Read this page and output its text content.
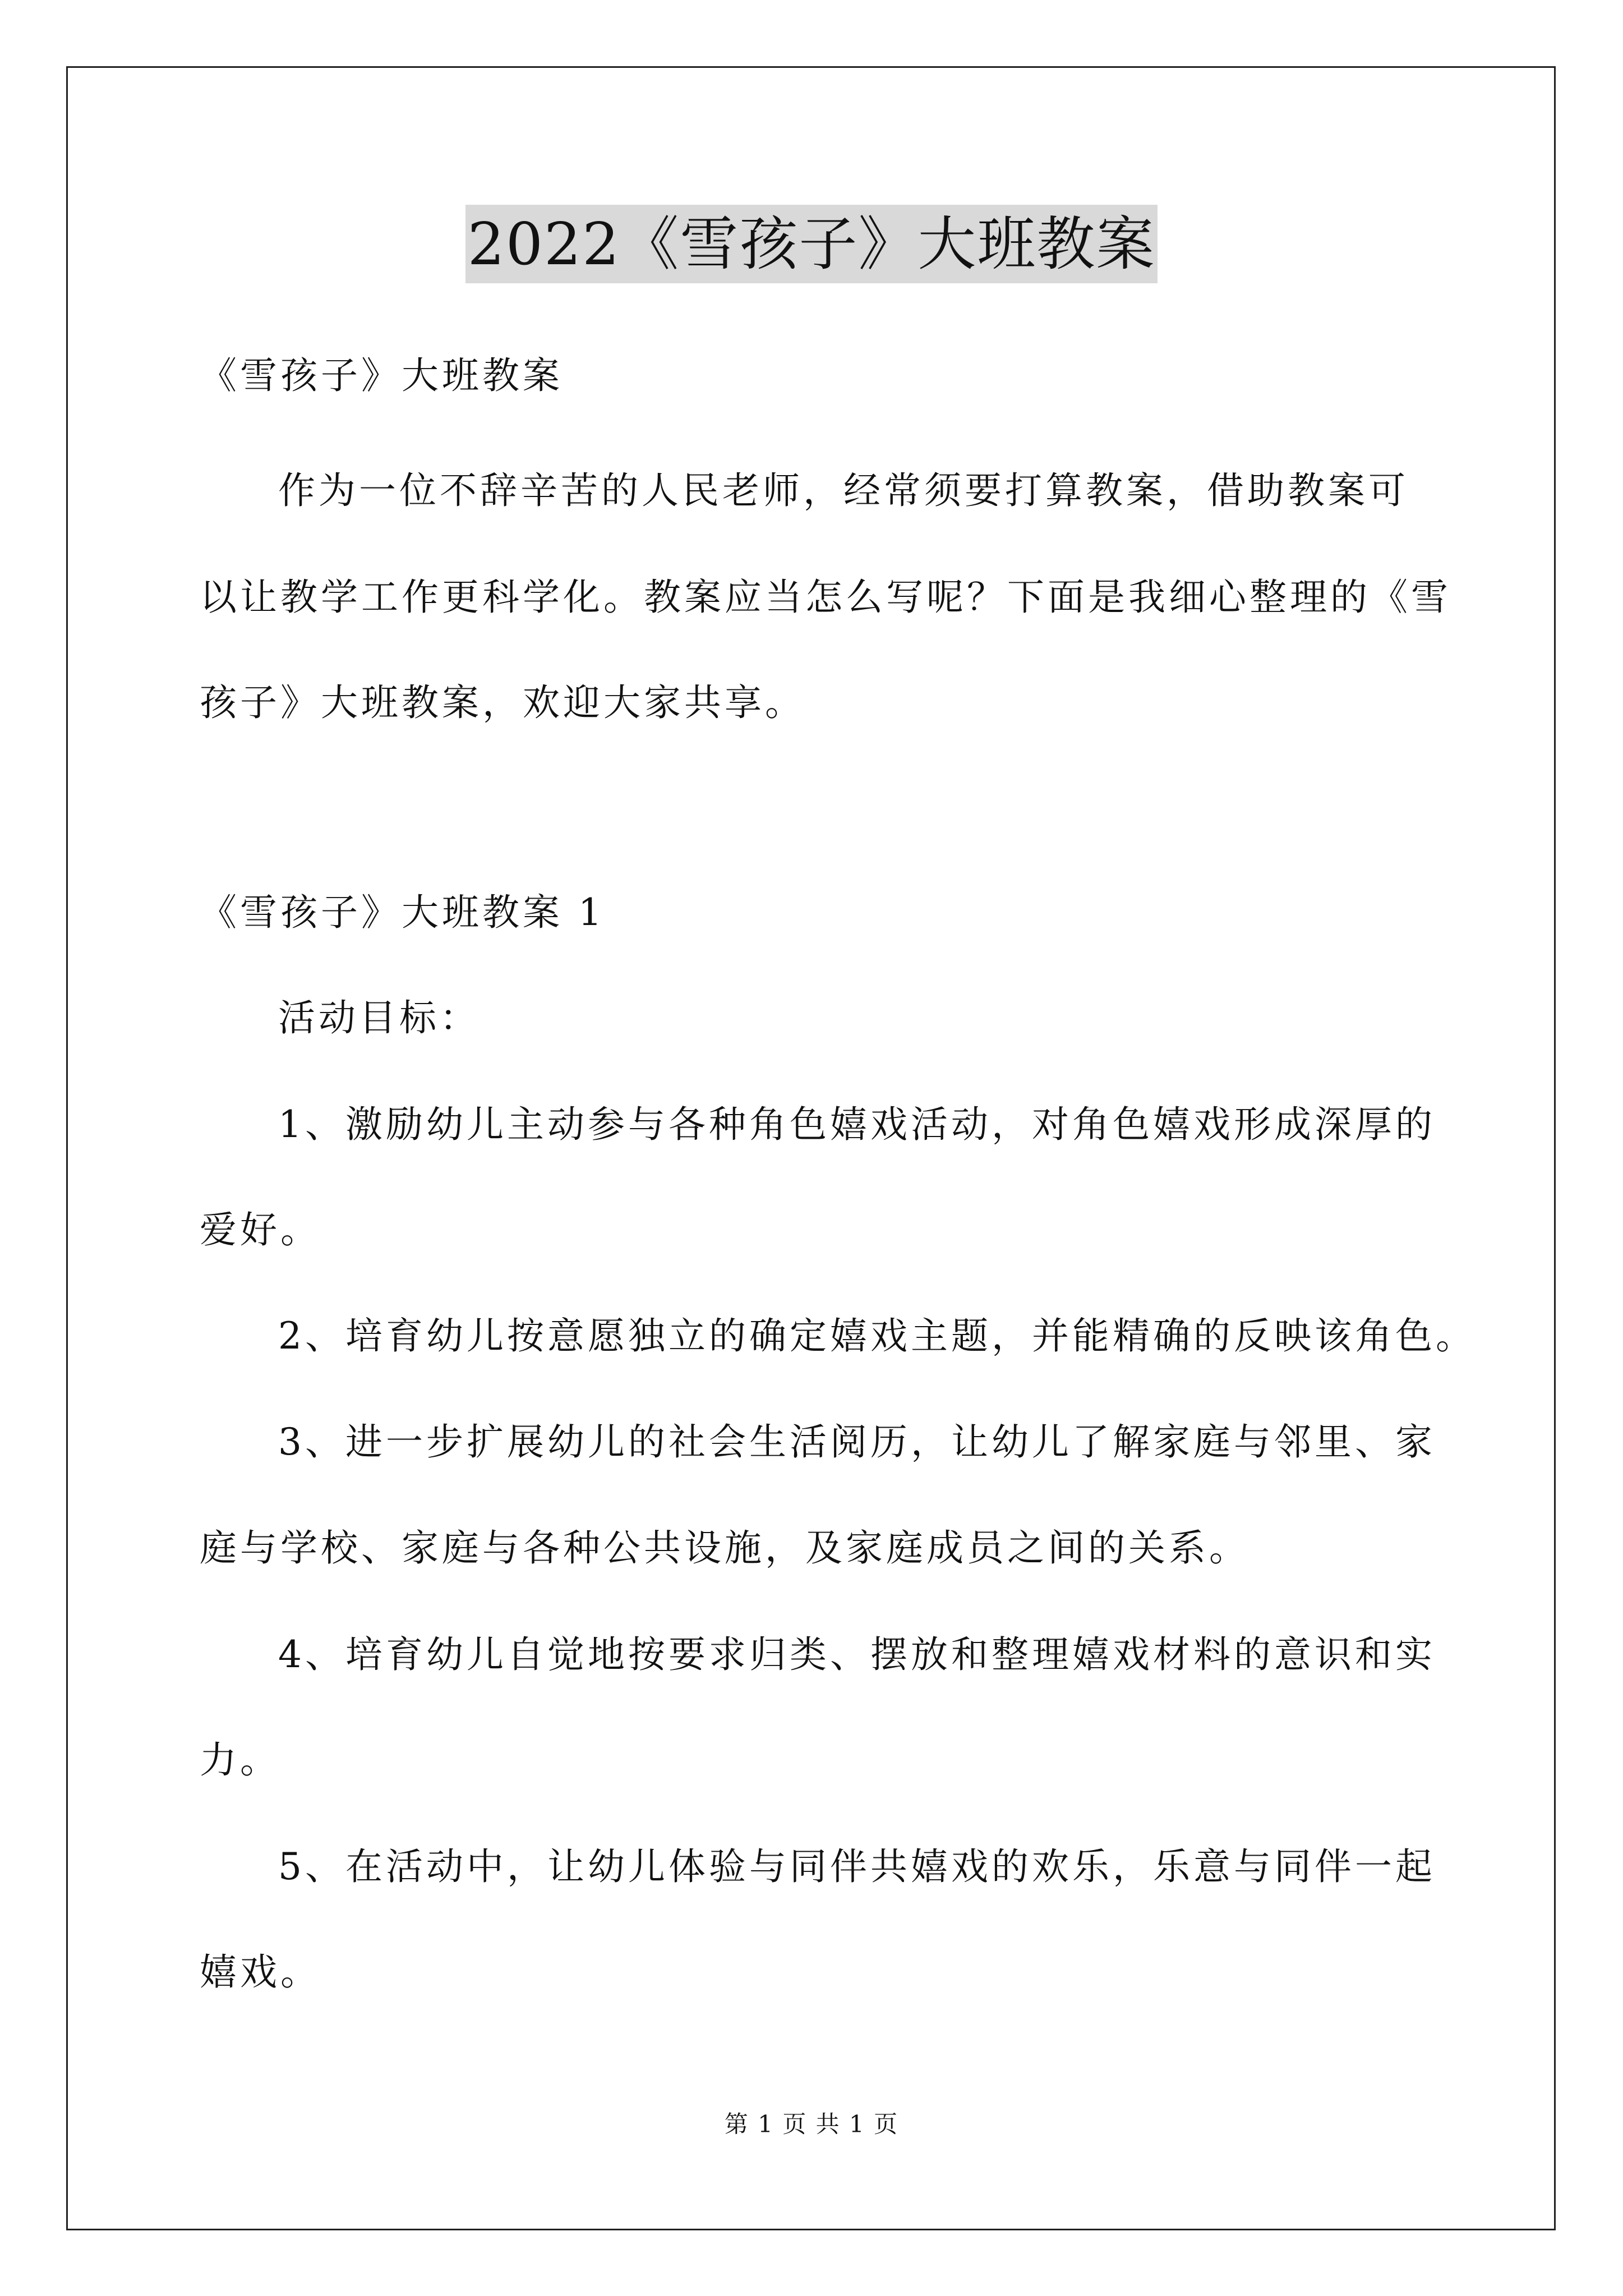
2022《雪孩子》大班教案
《雪孩子》大班教案
作为一位不辞辛苦的人民老师，经常须要打算教案，借助教案可
以让教学工作更科学化。教案应当怎么写呢？下面是我细心整理的《雪
孩子》大班教案，欢迎大家共享。
《雪孩子》大班教案 1
活动目标：
1、激励幼儿主动参与各种角色嬉戏活动，对角色嬉戏形成深厚的
爱好。
2、培育幼儿按意愿独立的确定嬉戏主题，并能精确的反映该角色。
3、进一步扩展幼儿的社会生活阅历，让幼儿了解家庭与邻里、家
庭与学校、家庭与各种公共设施，及家庭成员之间的关系。
4、培育幼儿自觉地按要求归类、摆放和整理嬉戏材料的意识和实
力。
5、在活动中，让幼儿体验与同伴共嬉戏的欢乐，乐意与同伴一起
嬉戏。
第 1 页 共 1 页
